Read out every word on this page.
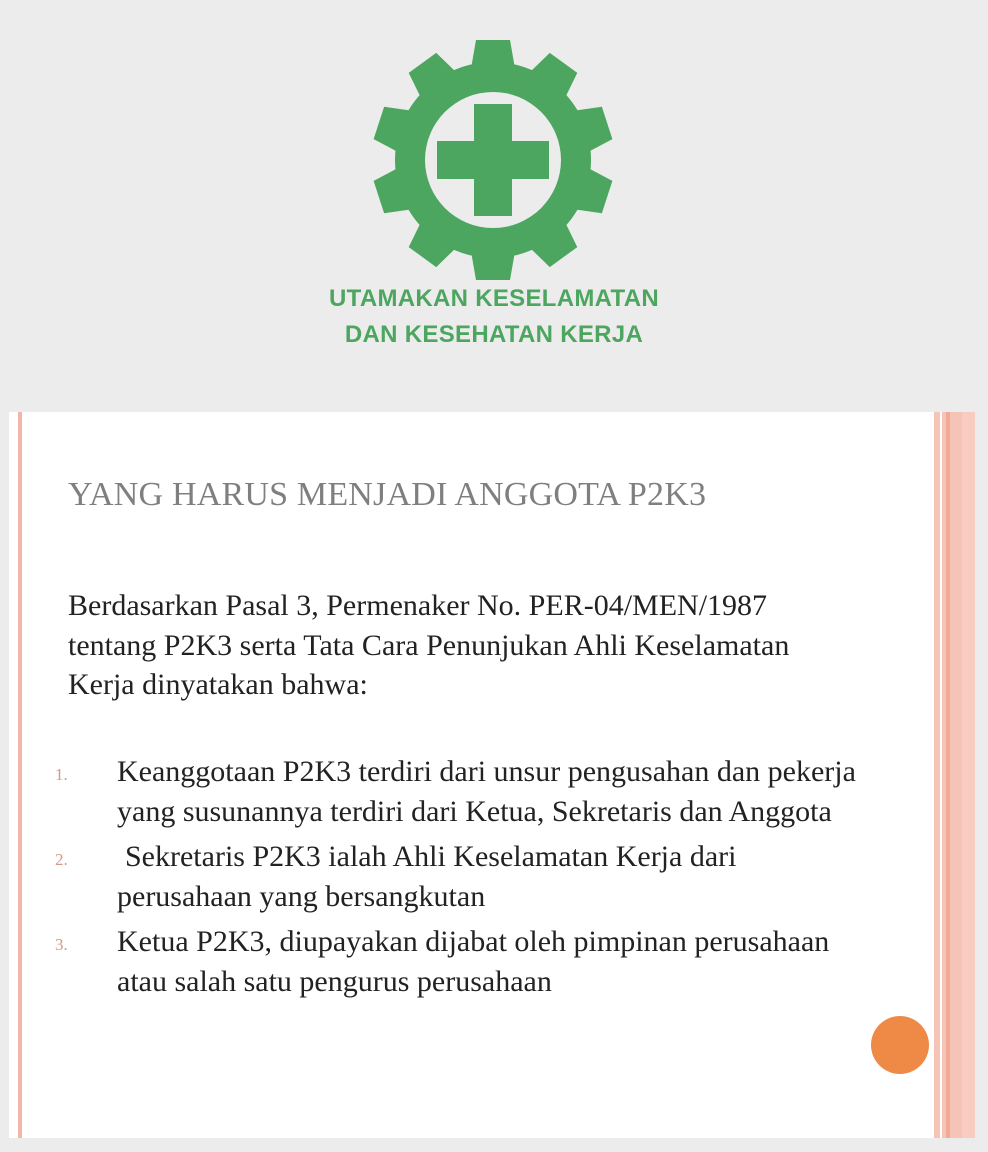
UTAMAKAN KESELAMATAN
DAN KESEHATAN KERJA
YANG HARUS MENJADI ANGGOTA P2K3
Berdasarkan Pasal 3, Permenaker No. PER-04/MEN/1987 tentang P2K3 serta Tata Cara Penunjukan Ahli Keselamatan Kerja dinyatakan bahwa:
1. Keanggotaan P2K3 terdiri dari unsur pengusahan dan pekerja yang susunannya terdiri dari Ketua, Sekretaris dan Anggota
2. Sekretaris P2K3 ialah Ahli Keselamatan Kerja dari perusahaan yang bersangkutan
3. Ketua P2K3, diupayakan dijabat oleh pimpinan perusahaan atau salah satu pengurus perusahaan
